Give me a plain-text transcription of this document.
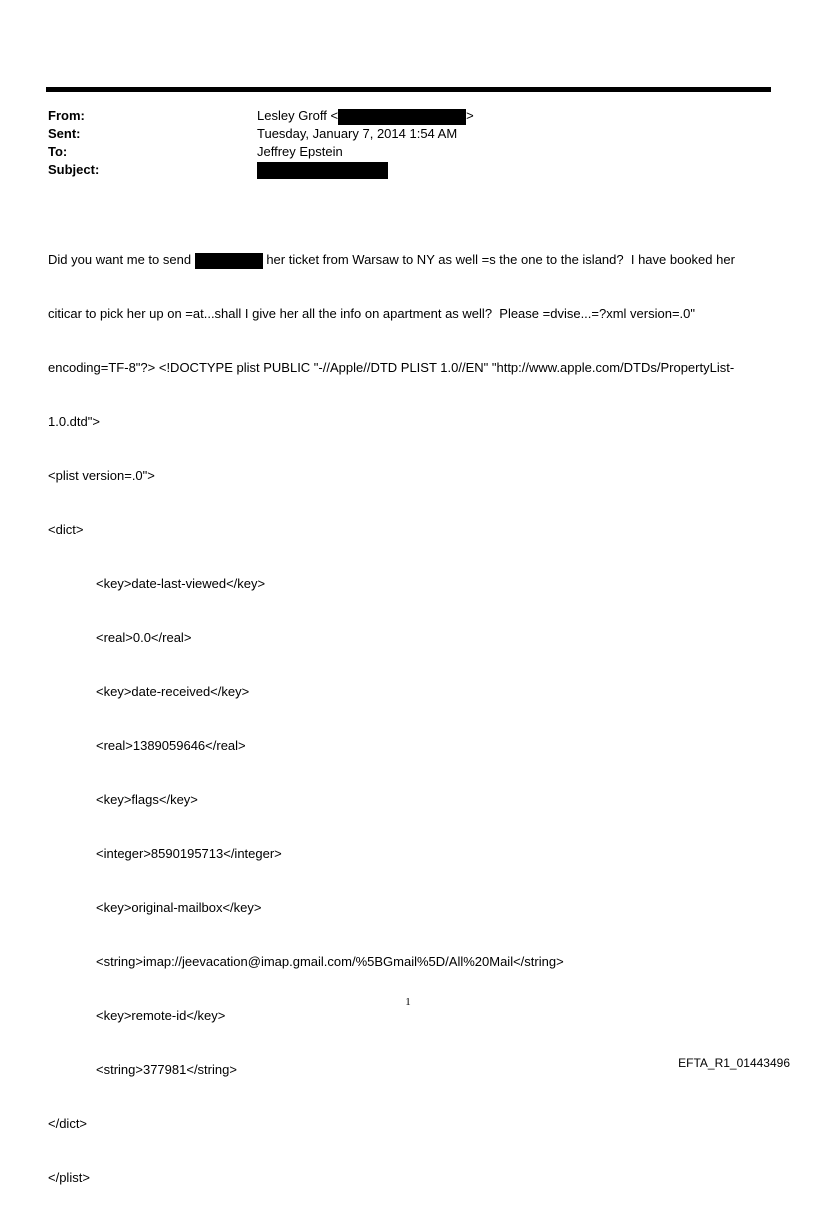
From:	Lesley Groff <	>
Sent:	Tuesday, January 7, 2014 1:54 AM
To:	Jeffrey Epstein
Subject:

Did you want me to send	her ticket from Warsaw to NY as well =s the one to the island?  I have booked her

citicar to pick her up on =at...shall I give her all the info on apartment as well?  Please =dvise...=?xml version=.0"

encoding=TF-8"?> <!DOCTYPE plist PUBLIC "-//Apple//DTD PLIST 1.0//EN" "http://www.apple.com/DTDs/PropertyList-

1.0.dtd">

<plist version=.0">

<dict>

<key>date-last-viewed</key>

<real>0.0</real>

<key>date-received</key>

<real>1389059646</real>

<key>flags</key>

<integer>8590195713</integer>

<key>original-mailbox</key>

<string>imap://jeevacation@imap.gmail.com/%5BGmail%5D/All%20Mail</string>

<key>remote-id</key>

<string>377981</string>

</dict>

</plist>

1
EFTA_R1_01443496
